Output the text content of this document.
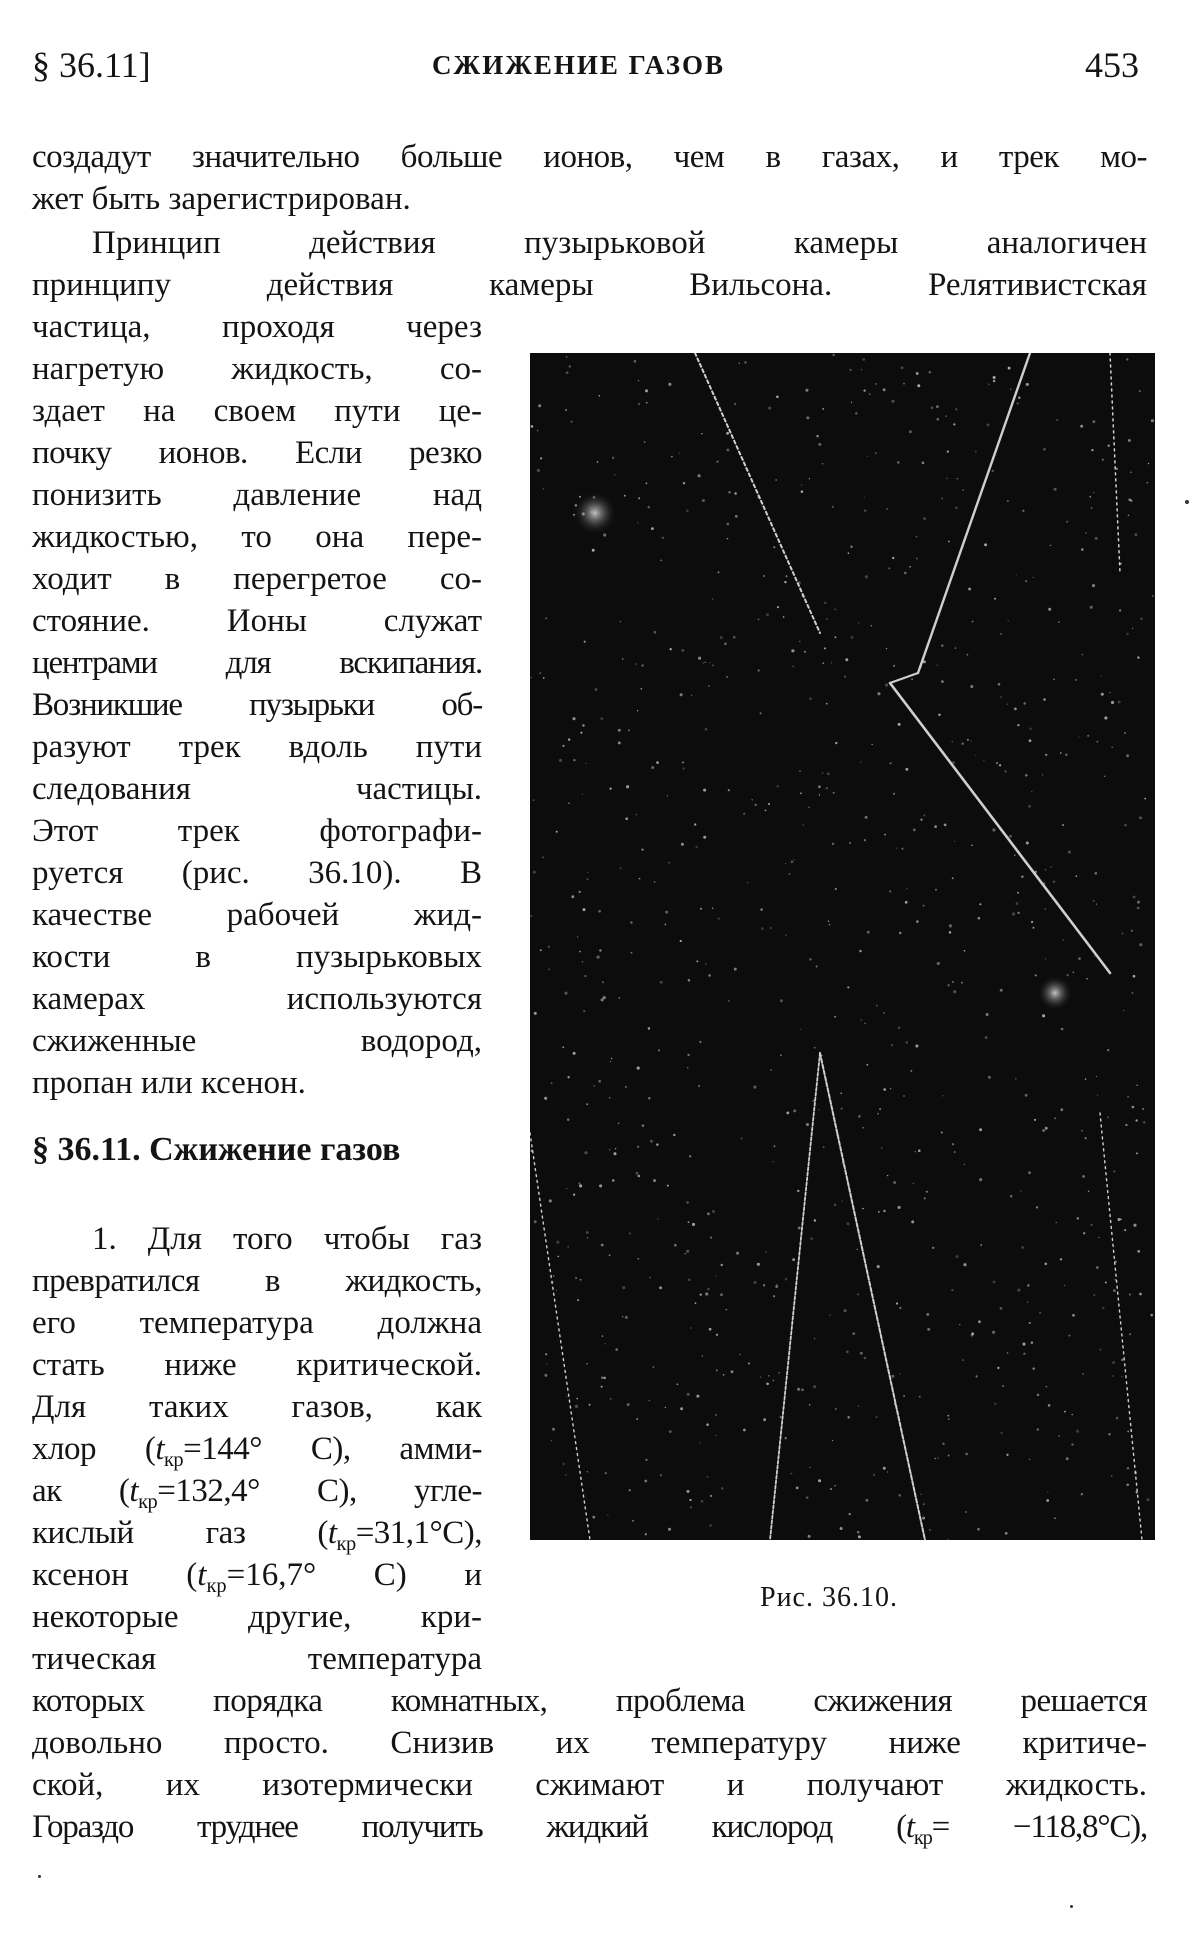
§ 36.11]	СЖИЖЕНИЕ ГАЗОВ	453
создадут значительно больше ионов, чем в газах, и трек мо-
жет быть зарегистрирован.
Принцип действия пузырьковой камеры аналогичен
принципу действия камеры Вильсона. Релятивистская
частица, проходя через
нагретую жидкость, со-
здает на своем пути це-
почку ионов. Если резко
понизить давление над
жидкостью, то она пере-
ходит в перегретое со-
стояние. Ионы служат
центрами для вскипания.
Возникшие пузырьки об-
разуют трек вдоль пути
следования частицы.
Этот трек фотографи-
руется (рис. 36.10). В
качестве рабочей жид-
кости в пузырьковых
камерах используются
сжиженные водород,
пропан или ксенон.
§ 36.11. Сжижение газов
1. Для того чтобы газ
превратился в жидкость,
его температура должна
стать ниже критической.
Для таких газов, как
хлор ($t_{кр}=144^\circ$ С), амми-
ак ($t_{кр}=132,4^\circ$ С), угле-
кислый газ $(t_{кр}=31,1^\circ С)$,
ксенон ($t_{кр}=16,7^\circ$ С) и
некоторые другие, кри-
тическая температура
которых порядка комнатных, проблема сжижения решается
довольно просто. Снизив их температуру ниже критиче-
ской, их изотермически сжимают и получают жидкость.
Гораздо труднее получить жидкий кислород $(t_{кр}= -118,8^\circ С)$,
Рис. 36.10.
